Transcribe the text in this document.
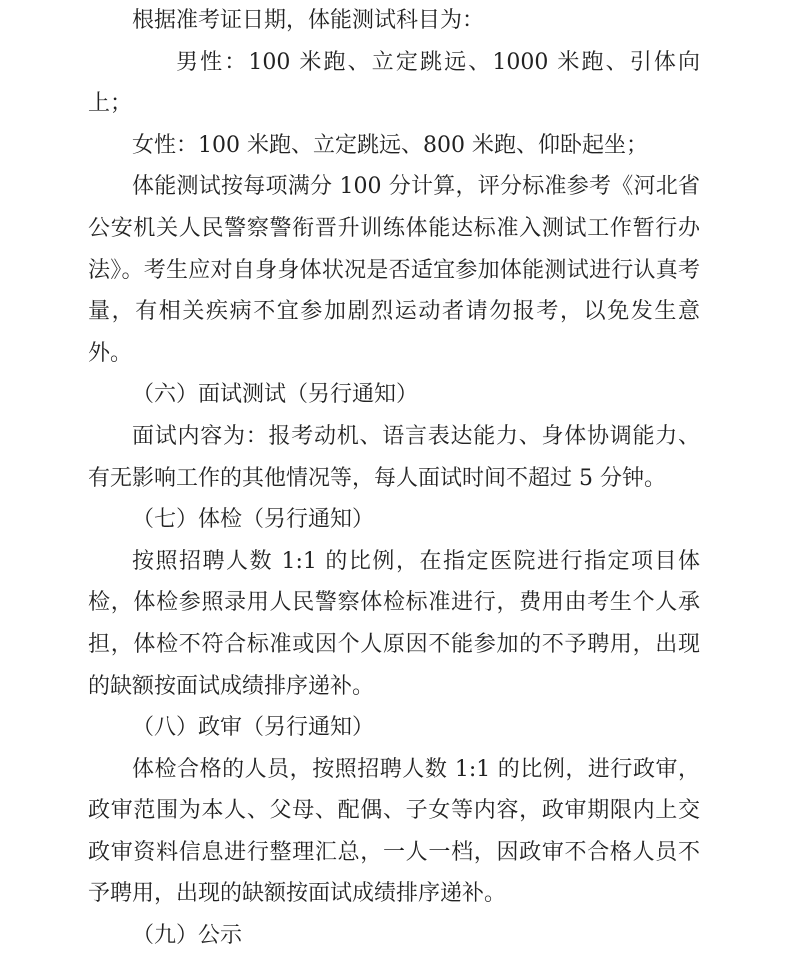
根据准考证日期，体能测试科目为：

男性：100 米跑、立定跳远、1000 米跑、引体向上；

女性：100 米跑、立定跳远、800 米跑、仰卧起坐；

体能测试按每项满分 100 分计算，评分标准参考《河北省公安机关人民警察警衔晋升训练体能达标准入测试工作暂行办法》。考生应对自身身体状况是否适宜参加体能测试进行认真考量，有相关疾病不宜参加剧烈运动者请勿报考，以免发生意外。

（六）面试测试（另行通知）

面试内容为：报考动机、语言表达能力、身体协调能力、有无影响工作的其他情况等，每人面试时间不超过 5 分钟。

（七）体检（另行通知）

按照招聘人数 1:1 的比例，在指定医院进行指定项目体检，体检参照录用人民警察体检标准进行，费用由考生个人承担，体检不符合标准或因个人原因不能参加的不予聘用，出现的缺额按面试成绩排序递补。

（八）政审（另行通知）

体检合格的人员，按照招聘人数 1:1 的比例，进行政审，政审范围为本人、父母、配偶、子女等内容，政审期限内上交政审资料信息进行整理汇总，一人一档，因政审不合格人员不予聘用，出现的缺额按面试成绩排序递补。

（九）公示
